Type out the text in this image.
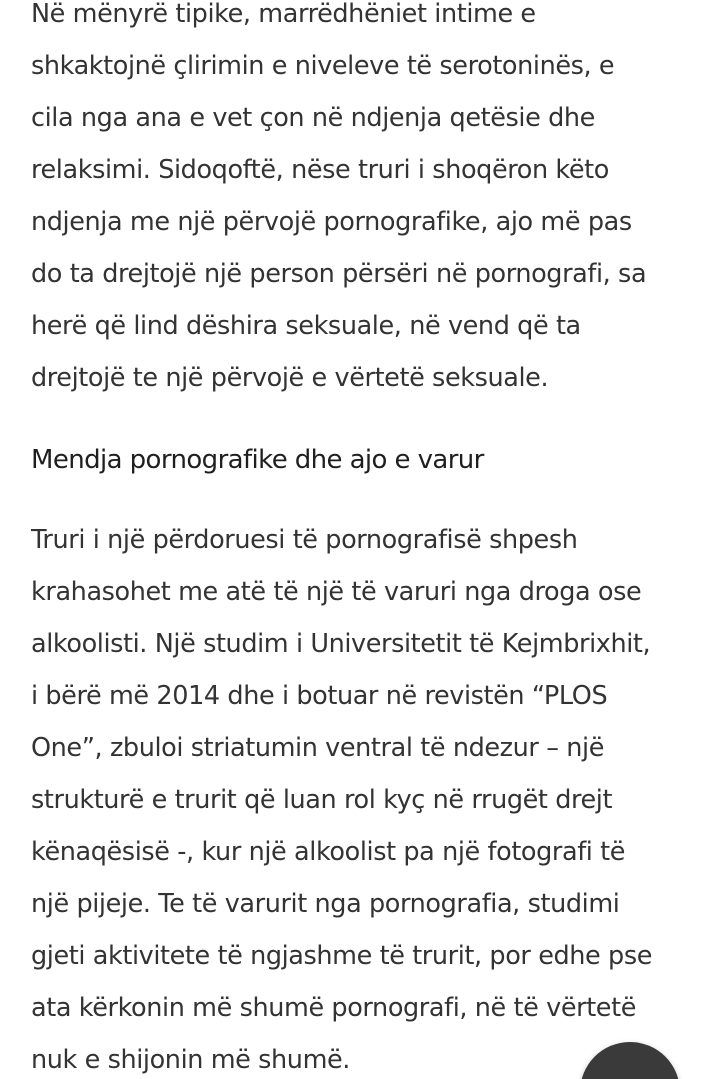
Në mënyrë tipike, marrëdhëniet intime e
shkaktojnë çlirimin e niveleve të serotoninës, e
cila nga ana e vet çon në ndjenja qetësie dhe
relaksimi. Sidoqoftë, nëse truri i shoqëron këto
ndjenja me një përvojë pornografike, ajo më pas
do ta drejtojë një person përsëri në pornografi, sa
herë që lind dëshira seksuale, në vend që ta
drejtojë te një përvojë e vërtetë seksuale.

Mendja pornografike dhe ajo e varur

Truri i një përdoruesi të pornografisë shpesh
krahasohet me atë të një të varuri nga droga ose
alkoolisti. Një studim i Universitetit të Kejmbrixhit,
i bërë më 2014 dhe i botuar në revistën “PLOS
One”, zbuloi striatumin ventral të ndezur – një
strukturë e trurit që luan rol kyç në rrugët drejt
kënaqësisë -, kur një alkoolist pa një fotografi të
një pijeje. Te të varurit nga pornografia, studimi
gjeti aktivitete të ngjashme të trurit, por edhe pse
ata kërkonin më shumë pornografi, në të vërtetë
nuk e shijonin më shumë.
